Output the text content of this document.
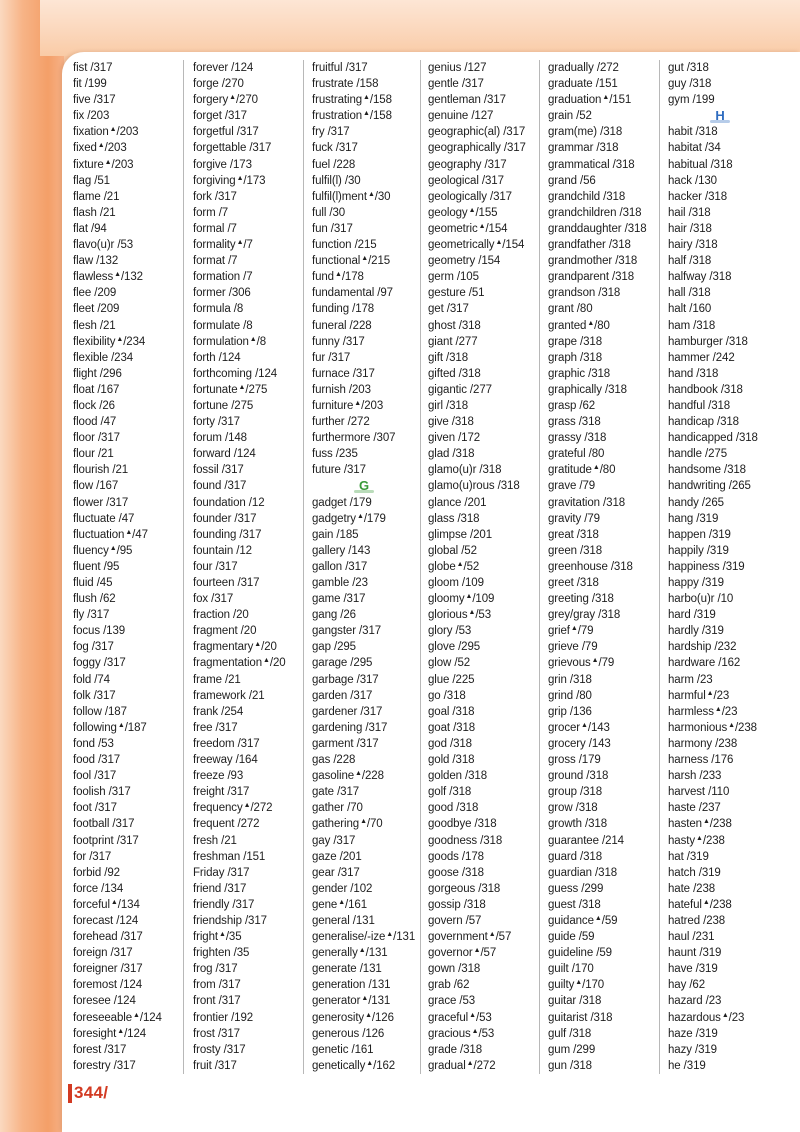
fist /317
fit /199
five /317
fix /203
fixation▲/203
fixed▲/203
fixture▲/203
flag /51
flame /21
flash /21
flat /94
flavo(u)r /53
flaw /132
flawless▲/132
flee /209
fleet /209
flesh /21
flexibility▲/234
flexible /234
flight /296
float /167
flock /26
flood /47
floor /317
flour /21
flourish /21
flow /167
flower /317
fluctuate /47
fluctuation▲/47
fluency▲/95
fluent /95
fluid /45
flush /62
fly /317
focus /139
fog /317
foggy /317
fold /74
folk /317
follow /187
following▲/187
fond /53
food /317
fool /317
foolish /317
foot /317
football /317
footprint /317
for /317
forbid /92
force /134
forceful▲/134
forecast /124
forehead /317
foreign /317
foreigner /317
foremost /124
foresee /124
foreseeable▲/124
foresight▲/124
forest /317
forestry /317
forever /124
forge /270
forgery▲/270
forget /317
forgetful /317
forgettable /317
forgive /173
forgiving▲/173
fork /317
form /7
formal /7
formality▲/7
format /7
formation /7
former /306
formula /8
formulate /8
formulation▲/8
forth /124
forthcoming /124
fortunate▲/275
fortune /275
forty /317
forum /148
forward /124
fossil /317
found /317
foundation /12
founder /317
founding /317
fountain /12
four /317
fourteen /317
fox /317
fraction /20
fragment /20
fragmentary▲/20
fragmentation▲/20
frame /21
framework /21
frank /254
free /317
freedom /317
freeway /164
freeze /93
freight /317
frequency▲/272
frequent /272
fresh /21
freshman /151
Friday /317
friend /317
friendly /317
friendship /317
fright▲/35
frighten /35
frog /317
from /317
front /317
frontier /192
frost /317
frosty /317
fruit /317
fruitful /317
frustrate /158
frustrating▲/158
frustration▲/158
fry /317
fuck /317
fuel /228
fulfil(l) /30
fulfil(l)ment▲/30
full /30
fun /317
function /215
functional▲/215
fund▲/178
fundamental /97
funding /178
funeral /228
funny /317
fur /317
furnace /317
furnish /203
furniture▲/203
further /272
furthermore /307
fuss /235
future /317
G
gadget /179
gadgetry▲/179
gain /185
gallery /143
gallon /317
gamble /23
game /317
gang /26
gangster /317
gap /295
garage /295
garbage /317
garden /317
gardener /317
gardening /317
garment /317
gas /228
gasoline▲/228
gate /317
gather /70
gathering▲/70
gay /317
gaze /201
gear /317
gender /102
gene▲/161
general /131
generalise/-ize▲/131
generally▲/131
generate /131
generation /131
generator▲/131
generosity▲/126
generous /126
genetic /161
genetically▲/162
genius /127
gentle /317
gentleman /317
genuine /127
geographic(al) /317
geographically /317
geography /317
geological /317
geologically /317
geology▲/155
geometric▲/154
geometrically▲/154
geometry /154
germ /105
gesture /51
get /317
ghost /318
giant /277
gift /318
gifted /318
gigantic /277
girl /318
give /318
given /172
glad /318
glamo(u)r /318
glamo(u)rous /318
glance /201
glass /318
glimpse /201
global /52
globe▲/52
gloom /109
gloomy▲/109
glorious▲/53
glory /53
glove /295
glow /52
glue /225
go /318
goal /318
goat /318
god /318
gold /318
golden /318
golf /318
good /318
goodbye /318
goodness /318
goods /178
goose /318
gorgeous /318
gossip /318
govern /57
government▲/57
governor▲/57
gown /318
grab /62
grace /53
graceful▲/53
gracious▲/53
grade /318
gradual▲/272
gradually /272
graduate /151
graduation▲/151
grain /52
gram(me) /318
grammar /318
grammatical /318
grand /56
grandchild /318
grandchildren /318
granddaughter /318
grandfather /318
grandmother /318
grandparent /318
grandson /318
grant /80
granted▲/80
grape /318
graph /318
graphic /318
graphically /318
grasp /62
grass /318
grassy /318
grateful /80
gratitude▲/80
grave /79
gravitation /318
gravity /79
great /318
green /318
greenhouse /318
greet /318
greeting /318
grey/gray /318
grief▲/79
grieve /79
grievous▲/79
grin /318
grind /80
grip /136
grocer▲/143
grocery /143
gross /179
ground /318
group /318
grow /318
growth /318
guarantee /214
guard /318
guardian /318
guess /299
guest /318
guidance▲/59
guide /59
guideline /59
guilt /170
guilty▲/170
guitar /318
guitarist /318
gulf /318
gum /299
gun /318
gut /318
guy /318
gym /199
H
habit /318
habitat /34
habitual /318
hack /130
hacker /318
hail /318
hair /318
hairy /318
half /318
halfway /318
hall /318
halt /160
ham /318
hamburger /318
hammer /242
hand /318
handbook /318
handful /318
handicap /318
handicapped /318
handle /275
handsome /318
handwriting /265
handy /265
hang /319
happen /319
happily /319
happiness /319
happy /319
harbo(u)r /10
hard /319
hardly /319
hardship /232
hardware /162
harm /23
harmful▲/23
harmless▲/23
harmonious▲/238
harmony /238
harness /176
harsh /233
harvest /110
haste /237
hasten▲/238
hasty▲/238
hat /319
hatch /319
hate /238
hateful▲/238
hatred /238
haul /231
haunt /319
have /319
hay /62
hazard /23
hazardous▲/23
haze /319
hazy /319
he /319
344/
